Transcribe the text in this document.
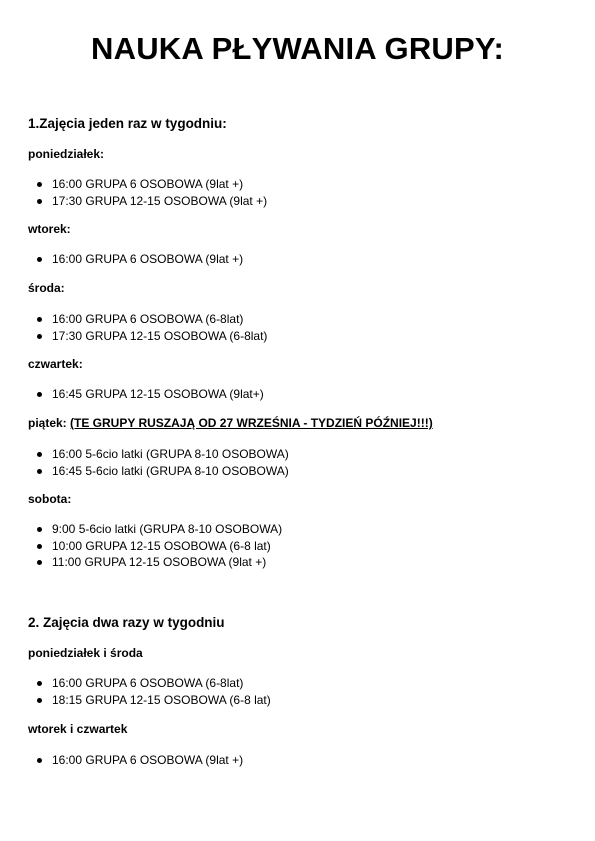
NAUKA PŁYWANIA GRUPY:
1.Zajęcia jeden raz w tygodniu:
poniedziałek:
16:00 GRUPA 6 OSOBOWA (9lat +)
17:30 GRUPA 12-15 OSOBOWA (9lat +)
wtorek:
16:00 GRUPA 6 OSOBOWA (9lat +)
środa:
16:00 GRUPA 6 OSOBOWA (6-8lat)
17:30 GRUPA 12-15 OSOBOWA (6-8lat)
czwartek:
16:45 GRUPA 12-15 OSOBOWA (9lat+)
piątek: (TE GRUPY RUSZAJĄ OD 27 WRZEŚNIA - TYDZIEŃ PÓŹNIEJ!!!)
16:00 5-6cio latki (GRUPA 8-10 OSOBOWA)
16:45 5-6cio latki (GRUPA 8-10 OSOBOWA)
sobota:
9:00 5-6cio latki (GRUPA 8-10 OSOBOWA)
10:00 GRUPA 12-15 OSOBOWA (6-8 lat)
11:00 GRUPA 12-15 OSOBOWA (9lat +)
2. Zajęcia dwa razy w tygodniu
poniedziałek i środa
16:00 GRUPA 6 OSOBOWA (6-8lat)
18:15 GRUPA 12-15 OSOBOWA (6-8 lat)
wtorek i czwartek
16:00 GRUPA 6 OSOBOWA (9lat +)
